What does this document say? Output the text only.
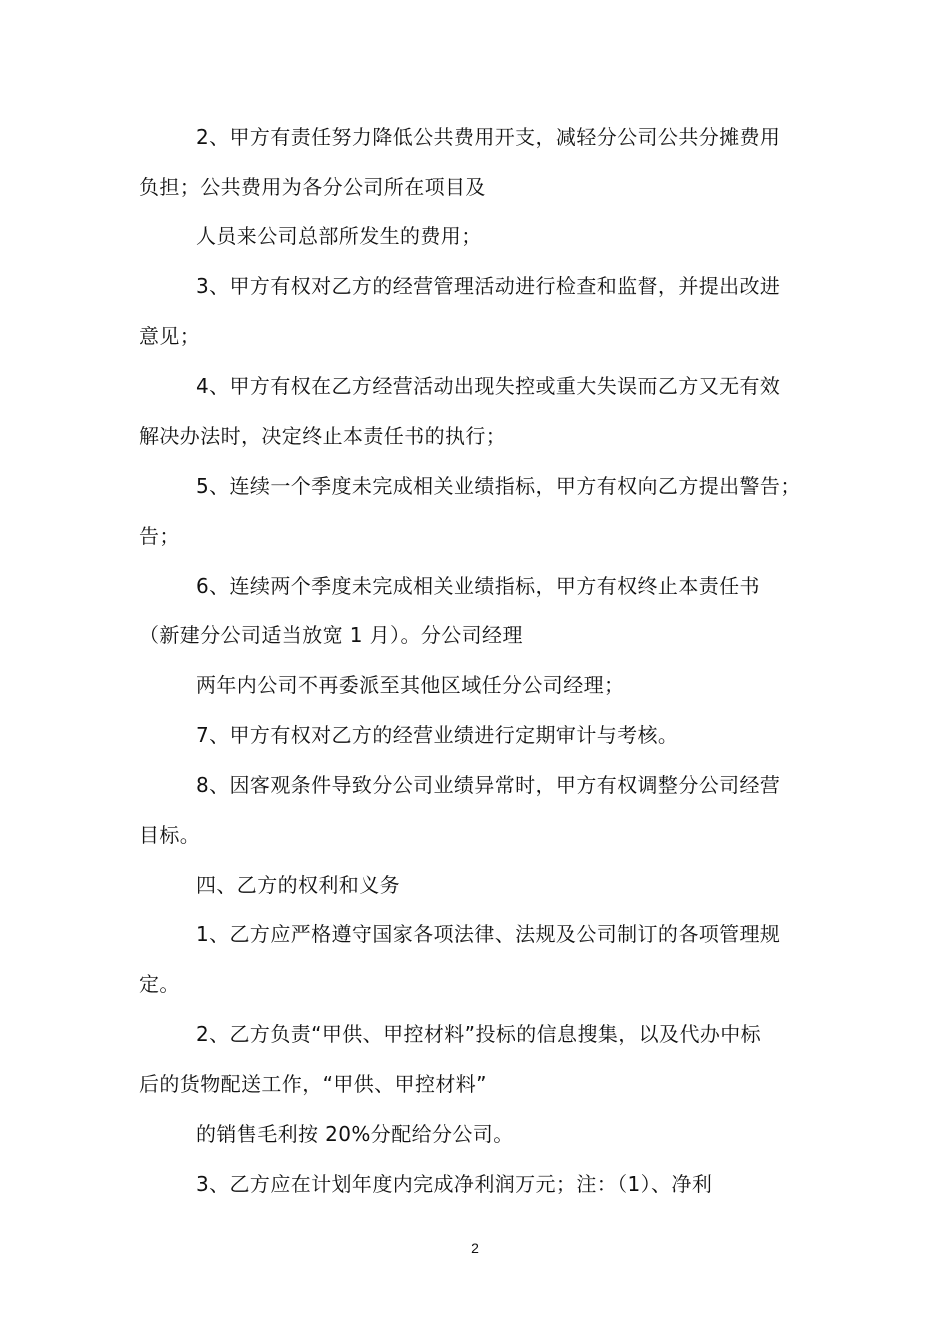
2、甲方有责任努力降低公共费用开支，减轻分公司公共分摊费用
负担；公共费用为各分公司所在项目及
人员来公司总部所发生的费用；
3、甲方有权对乙方的经营管理活动进行检查和监督，并提出改进
意见；
4、甲方有权在乙方经营活动出现失控或重大失误而乙方又无有效
解决办法时，决定终止本责任书的执行；
5、连续一个季度未完成相关业绩指标，甲方有权向乙方提出警告；
告；
6、连续两个季度未完成相关业绩指标，甲方有权终止本责任书
（新建分公司适当放宽 1 月）。分公司经理
两年内公司不再委派至其他区域任分公司经理；
7、甲方有权对乙方的经营业绩进行定期审计与考核。
8、因客观条件导致分公司业绩异常时，甲方有权调整分公司经营
目标。
四、乙方的权利和义务
1、乙方应严格遵守国家各项法律、法规及公司制订的各项管理规
定。
2、乙方负责“甲供、甲控材料”投标的信息搜集，以及代办中标
后的货物配送工作，“甲供、甲控材料”
的销售毛利按 20%分配给分公司。
3、乙方应在计划年度内完成净利润万元；注：（1）、净利
2
